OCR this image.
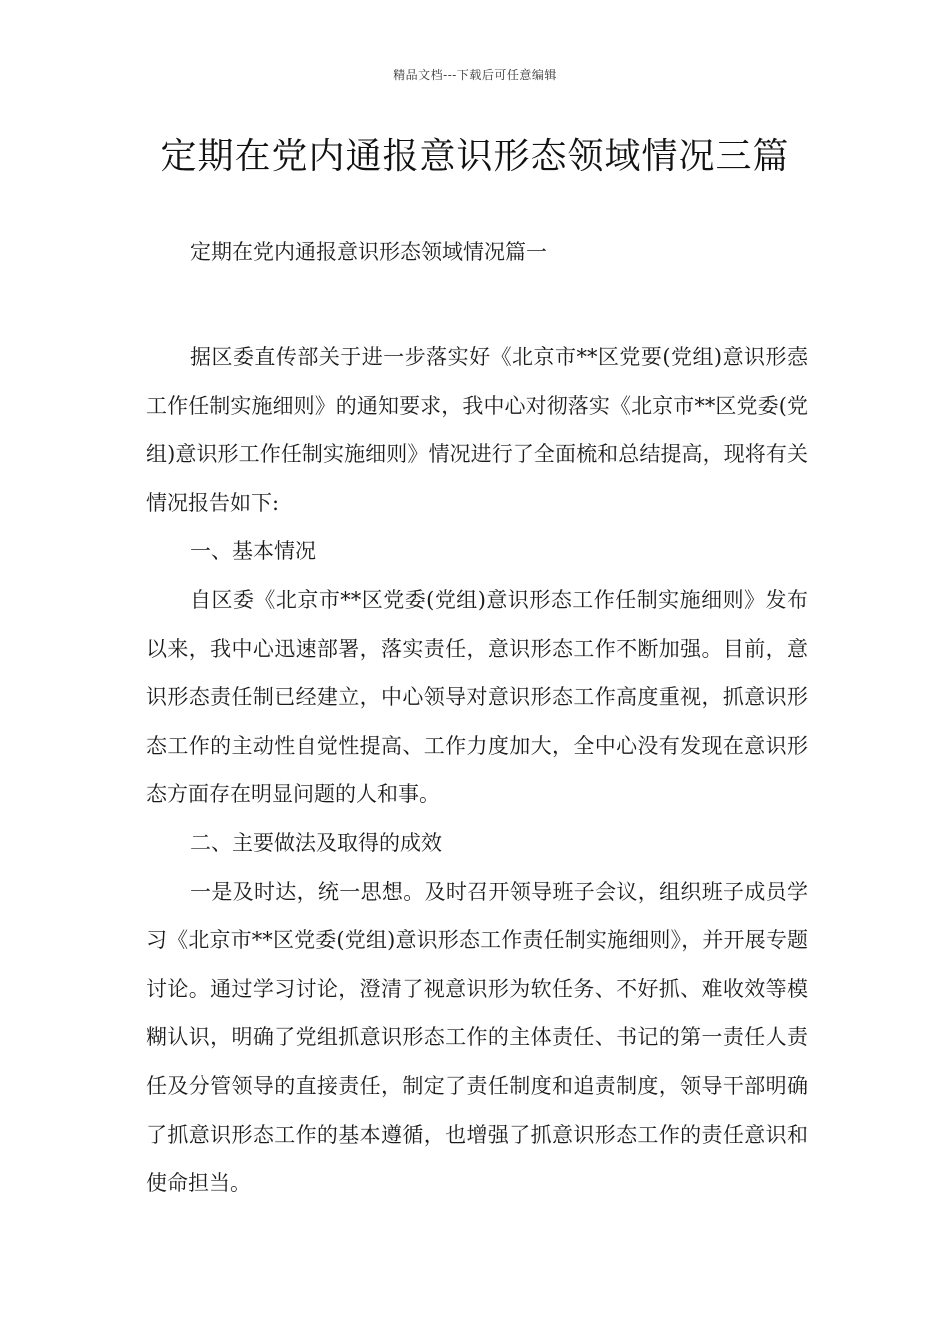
精品文档---下载后可任意编辑
定期在党内通报意识形态领域情况三篇
定期在党内通报意识形态领域情况篇一

据区委直传部关于进一步落实好《北京市**区党要(党组)意识形悫工作任制实施细则》的通知要求，我中心对彻落实《北京市**区党委(党组)意识形工作任制实施细则》情况进行了全面梳和总结提高，现将有关情况报告如下:

一、基本情况

自区委《北京市**区党委(党组)意识形态工作任制实施细则》发布以来，我中心迅速部署，落实责任，意识形态工作不断加强。目前，意识形态责任制已经建立，中心领导对意识形态工作高度重视，抓意识形态工作的主动性自觉性提高、工作力度加大，全中心没有发现在意识形态方面存在明显问题的人和事。

二、主要做法及取得的成效

一是及时达，统一思想。及时召开领导班子会议，组织班子成员学习《北京市**区党委(党组)意识形态工作责任制实施细则》，并开展专题讨论。通过学习讨论，澄清了视意识形为软任务、不好抓、难收效等模糊认识，明确了党组抓意识形态工作的主体责任、书记的第一责任人责任及分管领导的直接责任，制定了责任制度和追责制度，领导干部明确了抓意识形态工作的基本遵循，也增强了抓意识形态工作的责任意识和使命担当。
